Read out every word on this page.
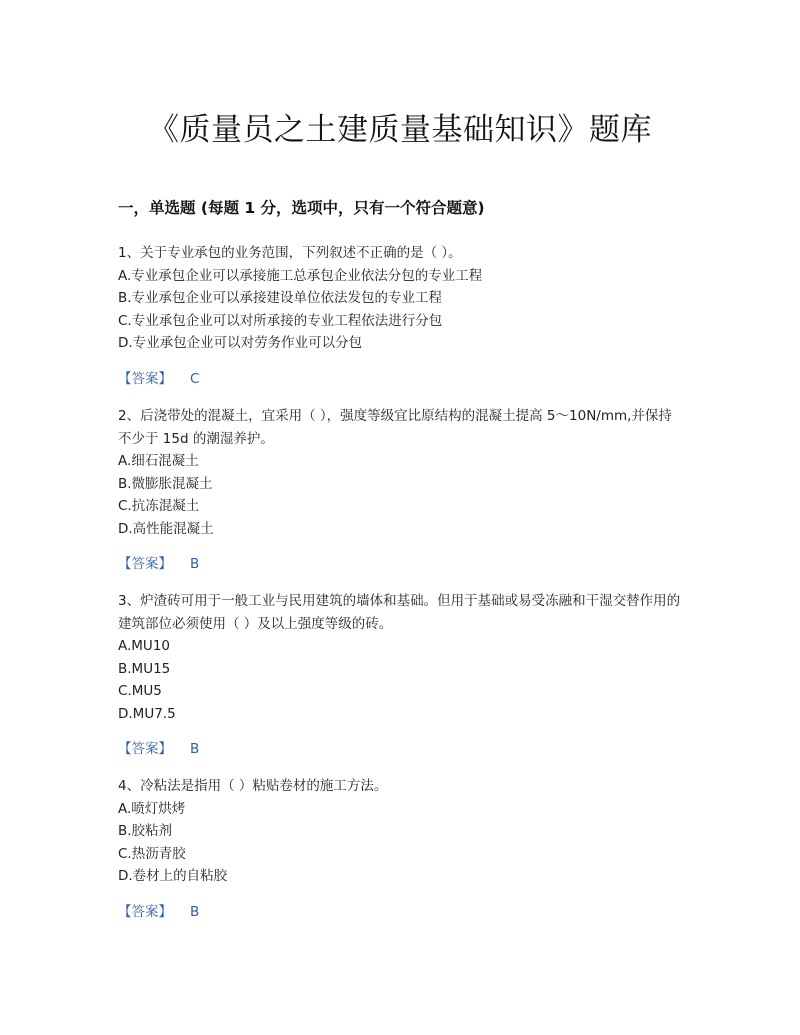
《质量员之土建质量基础知识》题库
一，单选题 (每题 1 分，选项中，只有一个符合题意)
1、关于专业承包的业务范围，下列叙述不正确的是（ ）。
A.专业承包企业可以承接施工总承包企业依法分包的专业工程
B.专业承包企业可以承接建设单位依法发包的专业工程
C.专业承包企业可以对所承接的专业工程依法进行分包
D.专业承包企业可以对劳务作业可以分包
【答案】 C
2、后浇带处的混凝土，宜采用（ ），强度等级宜比原结构的混凝土提高 5～10N/mm,并保持不少于 15d 的潮湿养护。
A.细石混凝土
B.微膨胀混凝土
C.抗冻混凝土
D.高性能混凝土
【答案】 B
3、炉渣砖可用于一般工业与民用建筑的墙体和基础。但用于基础或易受冻融和干湿交替作用的建筑部位必须使用（ ）及以上强度等级的砖。
A.MU10
B.MU15
C.MU5
D.MU7.5
【答案】 B
4、冷粘法是指用（ ）粘贴卷材的施工方法。
A.喷灯烘烤
B.胶粘剂
C.热沥青胶
D.卷材上的自粘胶
【答案】 B
